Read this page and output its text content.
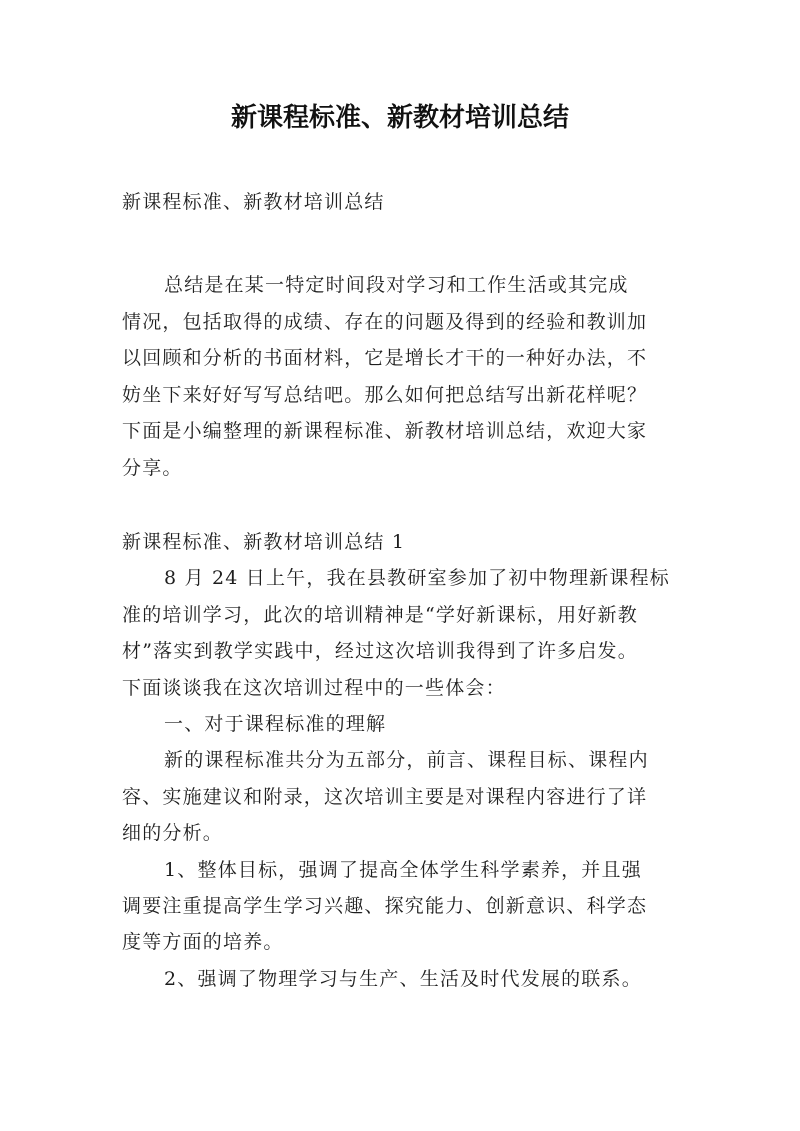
新课程标准、新教材培训总结
新课程标准、新教材培训总结
总结是在某一特定时间段对学习和工作生活或其完成
情况，包括取得的成绩、存在的问题及得到的经验和教训加
以回顾和分析的书面材料，它是增长才干的一种好办法，不
妨坐下来好好写写总结吧。那么如何把总结写出新花样呢？
下面是小编整理的新课程标准、新教材培训总结，欢迎大家
分享。
新课程标准、新教材培训总结 1
8 月 24 日上午，我在县教研室参加了初中物理新课程标
准的培训学习，此次的培训精神是“学好新课标，用好新教
材”落实到教学实践中，经过这次培训我得到了许多启发。
下面谈谈我在这次培训过程中的一些体会：
一、对于课程标准的理解
新的课程标准共分为五部分，前言、课程目标、课程内
容、实施建议和附录，这次培训主要是对课程内容进行了详
细的分析。
1、整体目标，强调了提高全体学生科学素养，并且强
调要注重提高学生学习兴趣、探究能力、创新意识、科学态
度等方面的培养。
2、强调了物理学习与生产、生活及时代发展的联系。
